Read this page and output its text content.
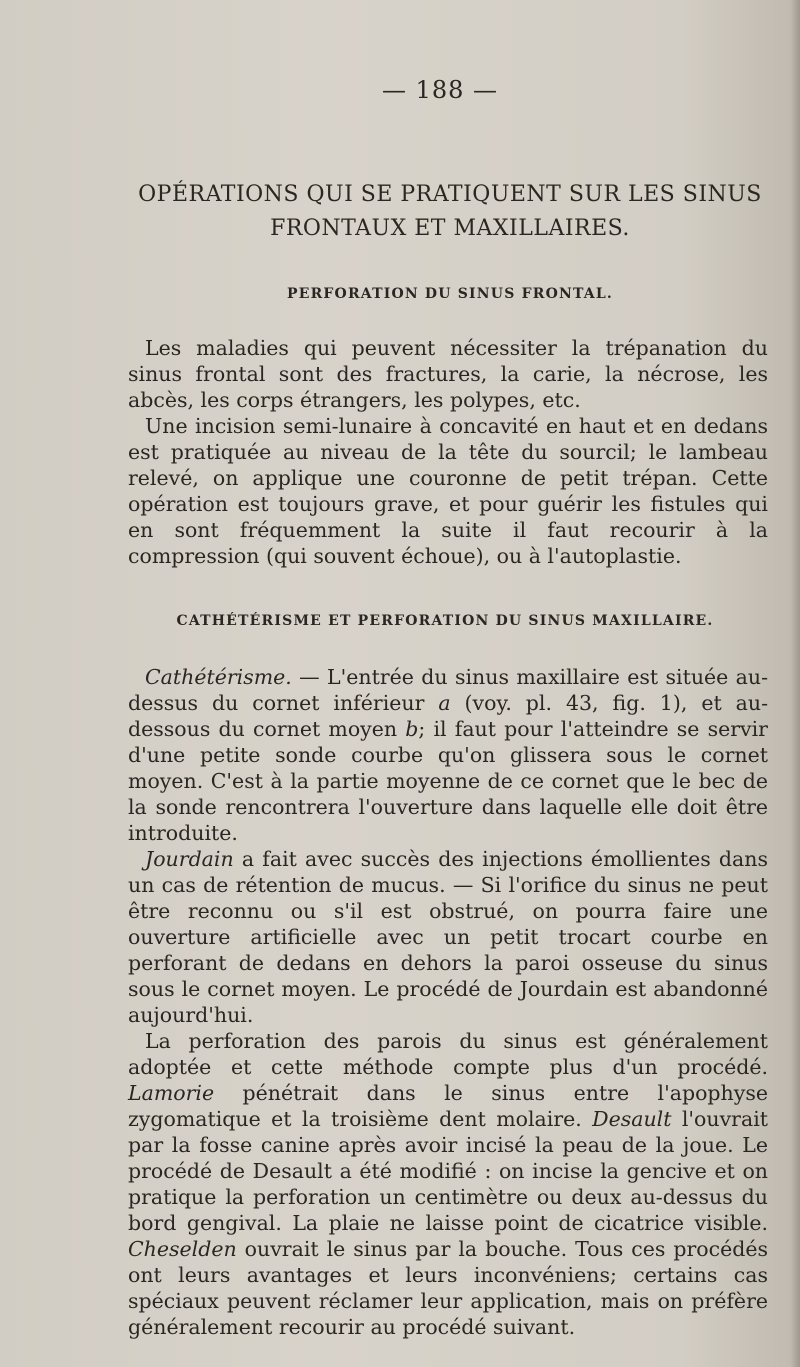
— 188 —
OPÉRATIONS QUI SE PRATIQUENT SUR LES SINUS
FRONTAUX ET MAXILLAIRES.
PERFORATION DU SINUS FRONTAL.

Les maladies qui peuvent nécessiter la trépanation du sinus frontal sont des fractures, la carie, la nécrose, les abcès, les corps étrangers, les polypes, etc.

Une incision semi-lunaire à concavité en haut et en dedans est pratiquée au niveau de la tête du sourcil; le lambeau relevé, on applique une couronne de petit trépan. Cette opération est toujours grave, et pour guérir les fistules qui en sont fréquemment la suite il faut recourir à la compression (qui souvent échoue), ou à l'autoplastie.

CATHÉTÉRISME ET PERFORATION DU SINUS MAXILLAIRE.

Cathétérisme. — L'entrée du sinus maxillaire est située au-dessus du cornet inférieur a (voy. pl. 43, fig. 1), et au-dessous du cornet moyen b; il faut pour l'atteindre se servir d'une petite sonde courbe qu'on glissera sous le cornet moyen. C'est à la partie moyenne de ce cornet que le bec de la sonde rencontrera l'ouverture dans laquelle elle doit être introduite.

Jourdain a fait avec succès des injections émollientes dans un cas de rétention de mucus. — Si l'orifice du sinus ne peut être reconnu ou s'il est obstrué, on pourra faire une ouverture artificielle avec un petit trocart courbe en perforant de dedans en dehors la paroi osseuse du sinus sous le cornet moyen. Le procédé de Jourdain est abandonné aujourd'hui.

La perforation des parois du sinus est généralement adoptée et cette méthode compte plus d'un procédé. Lamorie pénétrait dans le sinus entre l'apophyse zygomatique et la troisième dent molaire. Desault l'ouvrait par la fosse canine après avoir incisé la peau de la joue. Le procédé de Desault a été modifié : on incise la gencive et on pratique la perforation un centimètre ou deux au-dessus du bord gengival. La plaie ne laisse point de cicatrice visible. Cheselden ouvrait le sinus par la bouche. Tous ces procédés ont leurs avantages et leurs inconvéniens; certains cas spéciaux peuvent réclamer leur application, mais on préfère généralement recourir au procédé suivant.
